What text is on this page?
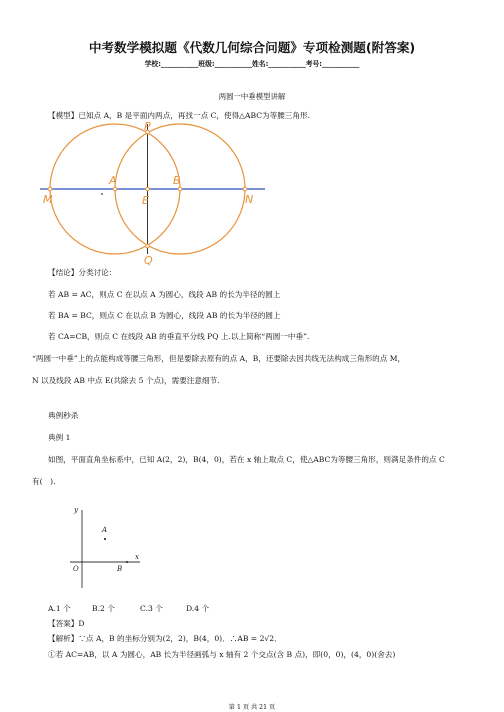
中考数学模拟题《代数几何综合问题》专项检测题(附答案)
学校:___________班级:___________姓名:___________考号:___________
两圆一中垂模型讲解
【模型】已知点 A，B 是平面内两点，再找一点 C，使得△ABC为等腰三角形.
P
A	B
M	E	N
Q
【结论】分类讨论：
若 AB = AC，则点 C 在以点 A 为圆心，线段 AB 的长为半径的圆上
若 BA = BC，则点 C 在以点 B 为圆心，线段 AB 的长为半径的圆上
若 CA=CB，则点 C 在线段 AB 的垂直平分线 PQ 上.以上简称“两圆一中垂”.
“两圆一中垂”上的点能构成等腰三角形，但是要除去原有的点 A，B，还要除去因共线无法构成三角形的点 M，
N 以及线段 AB 中点 E(共除去 5 个点)，需要注意细节.
典例秒杀
典例 1
如图，平面直角坐标系中，已知 A(2，2)，B(4，0)，若在 x 轴上取点 C，使△ABC为等腰三角形，则满足条件的点 C
有(　).
y
x
O
A
B
A.1 个	B.2 个	C.3 个	D.4 个
【答案】D
【解析】∵点 A，B 的坐标分别为(2，2)，B(4，0)．∴AB = 2√2．
①若 AC=AB，以 A 为圆心，AB 长为半径画弧与 x 轴有 2 个交点(含 B 点)，即(0，0)，(4，0)(舍去)
第 1 页 共 21 页
